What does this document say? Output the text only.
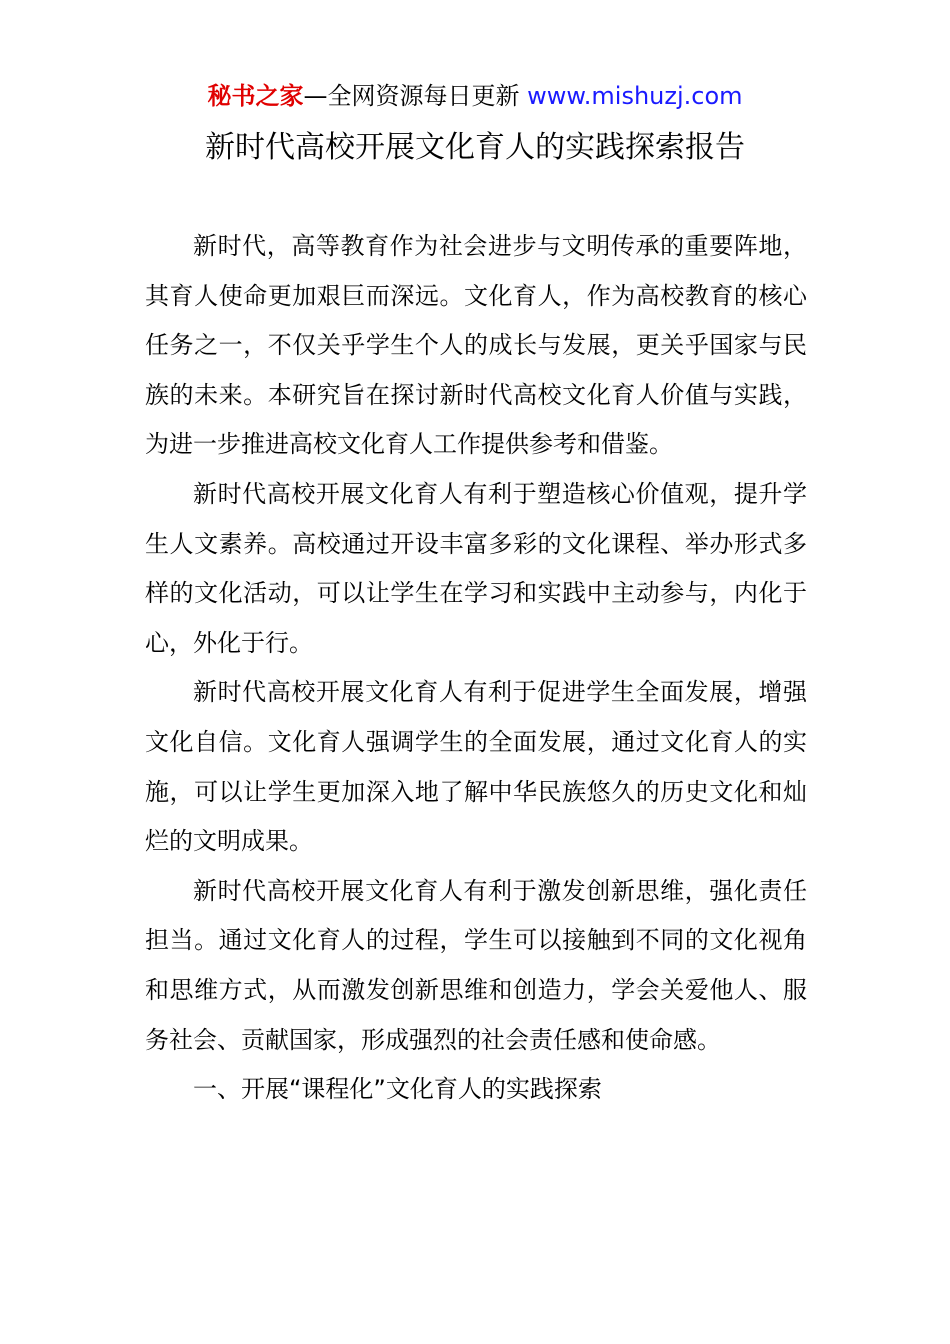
秘书之家—全网资源每日更新 www.mishuzj.com
新时代高校开展文化育人的实践探索报告

新时代，高等教育作为社会进步与文明传承的重要阵地，其育人使命更加艰巨而深远。文化育人，作为高校教育的核心任务之一，不仅关乎学生个人的成长与发展，更关乎国家与民族的未来。本研究旨在探讨新时代高校文化育人价值与实践，为进一步推进高校文化育人工作提供参考和借鉴。

新时代高校开展文化育人有利于塑造核心价值观，提升学生人文素养。高校通过开设丰富多彩的文化课程、举办形式多样的文化活动，可以让学生在学习和实践中主动参与，内化于心，外化于行。

新时代高校开展文化育人有利于促进学生全面发展，增强文化自信。文化育人强调学生的全面发展，通过文化育人的实施，可以让学生更加深入地了解中华民族悠久的历史文化和灿烂的文明成果。

新时代高校开展文化育人有利于激发创新思维，强化责任担当。通过文化育人的过程，学生可以接触到不同的文化视角和思维方式，从而激发创新思维和创造力，学会关爱他人、服务社会、贡献国家，形成强烈的社会责任感和使命感。

一、开展“课程化”文化育人的实践探索
